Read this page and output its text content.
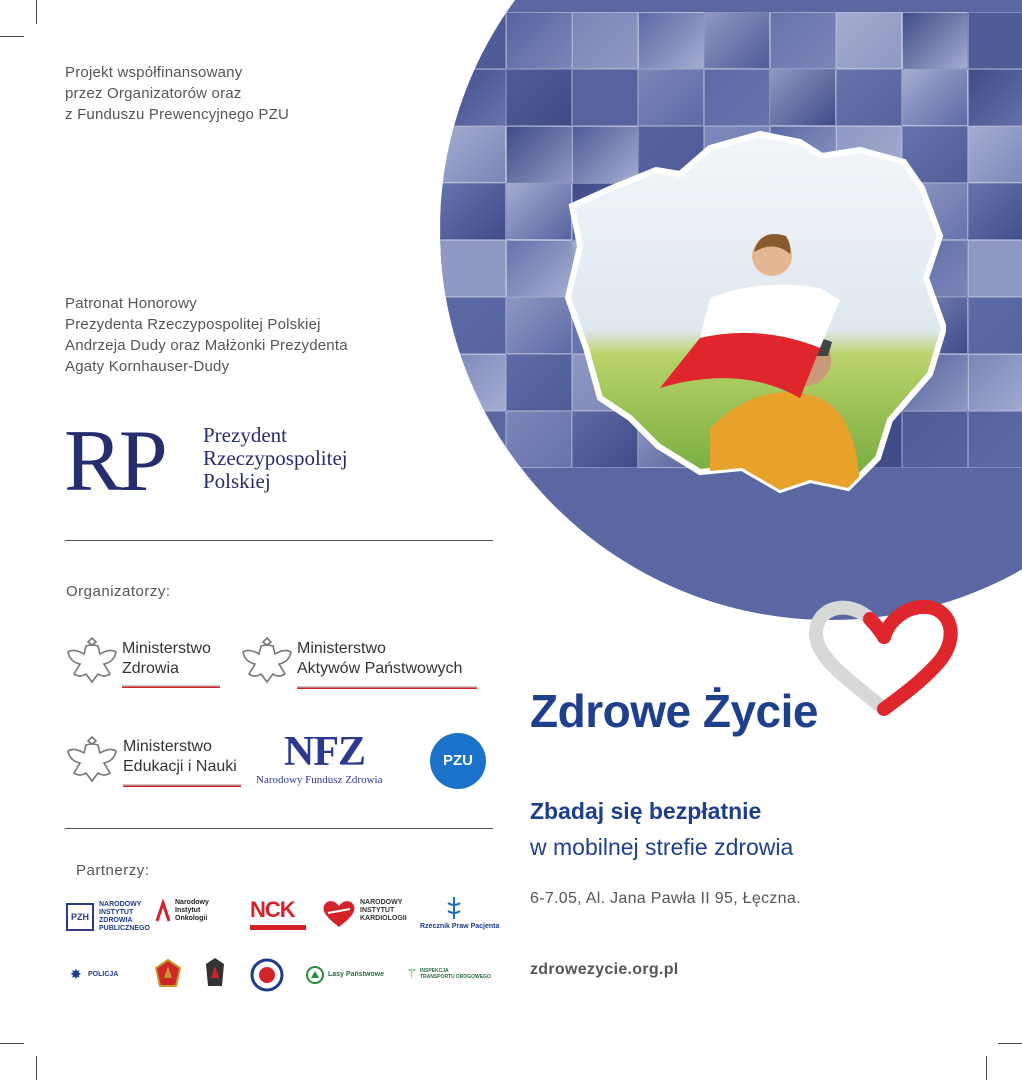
Projekt współfinansowany
przez Organizatorów oraz
z Funduszu Prewencyjnego PZU
Patronat Honorowy
Prezydenta Rzeczypospolitej Polskiej
Andrzeja Dudy oraz Małżonki Prezydenta
Agaty Kornhauser-Dudy
RP Prezydent
Rzeczypospolitej
Polskiej
Organizatorzy:
Ministerstwo
Zdrowia
Ministerstwo
Aktywów Państwowych
Ministerstwo
Edukacji i Nauki NFZ
Narodowy Fundusz Zdrowia
PZU
Partnerzy:
PZH
NARODOWY
INSTYTUT
ZDROWIA
PUBLICZNEGO
Narodowy
Instytut
Onkologii NCK	NARODOWY
INSTYTUT
KARDIOLOGII
Rzecznik Praw Pacjenta
✸ POLICJA	Lasy Państwowe ⚚ INSPEKCJA
TRANSPORTU DROGOWEGO
Zdrowe Życie
Zbadaj się bezpłatnie
w mobilnej strefie zdrowia
6-7.05, Al. Jana Pawła II 95, Łęczna.
zdrowezycie.org.pl
